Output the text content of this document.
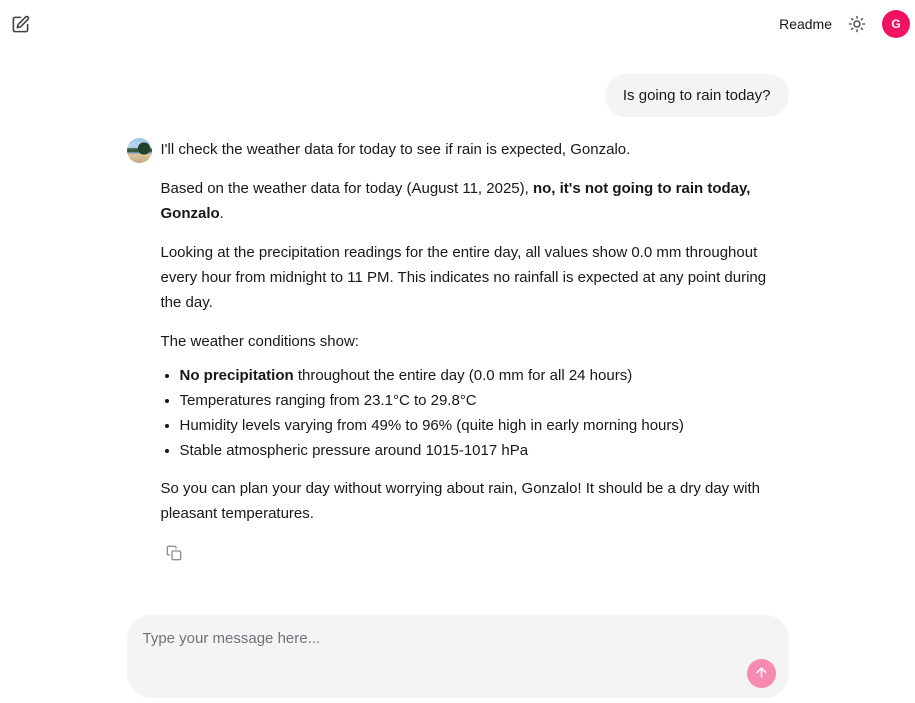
Readme	G
Is going to rain today?

I'll check the weather data for today to see if rain is expected, Gonzalo.

Based on the weather data for today (August 11, 2025), no, it's not going to rain today, Gonzalo.

Looking at the precipitation readings for the entire day, all values show 0.0 mm throughout every hour from midnight to 11 PM. This indicates no rainfall is expected at any point during the day.

The weather conditions show:

• No precipitation throughout the entire day (0.0 mm for all 24 hours)
• Temperatures ranging from 23.1°C to 29.8°C
• Humidity levels varying from 49% to 96% (quite high in early morning hours)
• Stable atmospheric pressure around 1015-1017 hPa

So you can plan your day without worrying about rain, Gonzalo! It should be a dry day with pleasant temperatures.

Type your message here...
